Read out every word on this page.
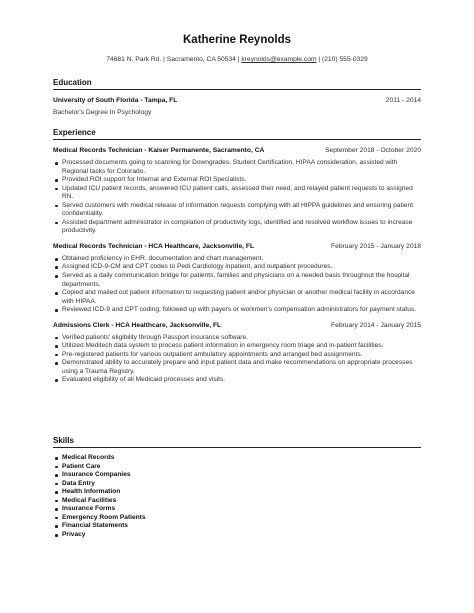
Katherine Reynolds
74681 N. Park Rd. | Sacramento, CA 50534 | kreynolds@example.com | (210) 555-0329
Education
University of South Florida - Tampa, FL	2011 - 2014
Bachelor's Degree In Psychology
Experience
Medical Records Technician - Kaiser Permanente, Sacramento, CA	September 2018 - October 2020
Processed documents going to scanning for Downgrades, Student Certification, HIPAA consideration, assisted with Regional tasks for Colorado.
Provided ROI support for Internal and External ROI Specialists.
Updated ICU patient records, answered ICU patient calls, assessed their need, and relayed patient requests to assigned RN.
Served customers with medical release of information requests complying with all HIPPA guidelines and ensuring patient confidentiality.
Assisted department administrator in compilation of productivity logs, identified and resolved workflow issues to increase productivity.
Medical Records Technician - HCA Healthcare, Jacksonville, FL	February 2015 - January 2018
Obtained proficiency in EHR, documentation and chart management.
Assigned ICD-9-CM and CPT codes to Pedi Cardiology inpatient, and outpatient procedures.
Served as a daily communication bridge for patients, families and physicians on a needed basis throughout the hospital departments.
Copied and mailed out patient information to requesting patient and/or physician or another medical facility in accordance with HIPAA.
Reviewed ICD-9 and CPT coding; followed up with payers or workmen's compensation administrators for payment status.
Admissions Clerk - HCA Healthcare, Jacksonville, FL	February 2014 - January 2015
Verified patients' eligibility through Passport insurance software.
Utilized Meditech data system to process patient information in emergency room triage and in-patient facilities.
Pre-registered patients for various outpatient ambulatory appointments and arranged bed assignments.
Demonstrated ability to accurately prepare and input patient data and make recommendations on appropriate processes using a Trauma Registry.
Evaluated eligibility of all Medicaid processes and visits.
Skills
Medical Records
Patient Care
Insurance Companies
Data Entry
Health Information
Medical Facilities
Insurance Forms
Emergency Room Patients
Financial Statements
Privacy
